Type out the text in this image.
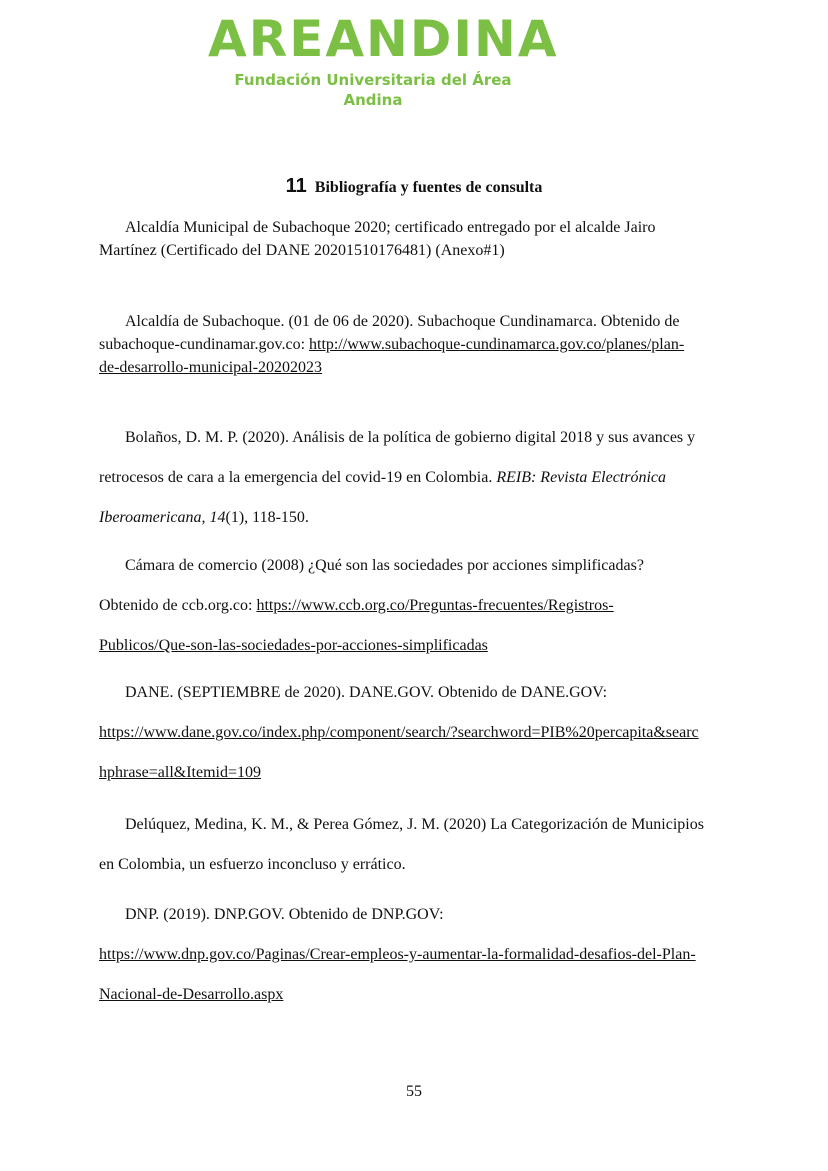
AREANDINA
Fundación Universitaria del Área Andina
11 Bibliografía y fuentes de consulta

Alcaldía Municipal de Subachoque 2020; certificado entregado por el alcalde Jairo

Martínez (Certificado del DANE 20201510176481) (Anexo#1)

Alcaldía de Subachoque. (01 de 06 de 2020). Subachoque Cundinamarca. Obtenido de

subachoque-cundinamar.gov.co: http://www.subachoque-cundinamarca.gov.co/planes/plan-
de-desarrollo-municipal-20202023

Bolaños, D. M. P. (2020). Análisis de la política de gobierno digital 2018 y sus avances y

retrocesos de cara a la emergencia del covid-19 en Colombia. REIB: Revista Electrónica
Iberoamericana, 14(1), 118-150.

Cámara de comercio (2008) ¿Qué son las sociedades por acciones simplificadas?

Obtenido de ccb.org.co: https://www.ccb.org.co/Preguntas-frecuentes/Registros-
Publicos/Que-son-las-sociedades-por-acciones-simplificadas

DANE. (SEPTIEMBRE de 2020). DANE.GOV. Obtenido de DANE.GOV:

https://www.dane.gov.co/index.php/component/search/?searchword=PIB%20percapita&searc
hphrase=all&Itemid=109

Delúquez, Medina, K. M., & Perea Gómez, J. M. (2020) La Categorización de Municipios

en Colombia, un esfuerzo inconcluso y errático.

DNP. (2019). DNP.GOV. Obtenido de DNP.GOV:

https://www.dnp.gov.co/Paginas/Crear-empleos-y-aumentar-la-formalidad-desafios-del-Plan-
Nacional-de-Desarrollo.aspx
55
